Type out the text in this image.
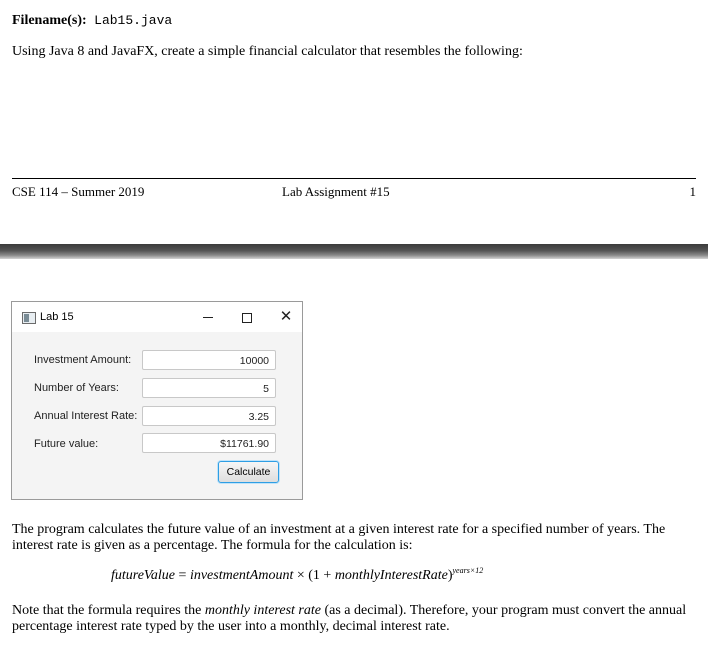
Filename(s): Lab15.java
Using Java 8 and JavaFX, create a simple financial calculator that resembles the following:
CSE 114 – Summer 2019	Lab Assignment #15	1
Lab 15	✕
Investment Amount:	10000
Number of Years:	5
Annual Interest Rate:	3.25
Future value:	$11761.90
Calculate
The program calculates the future value of an investment at a given interest rate for a specified number of years. The interest rate is given as a percentage. The formula for the calculation is:
futureValue = investmentAmount × (1 + monthlyInterestRate)$^{years\times 12}$
Note that the formula requires the monthly interest rate (as a decimal). Therefore, your program must convert the annual percentage interest rate typed by the user into a monthly, decimal interest rate.
